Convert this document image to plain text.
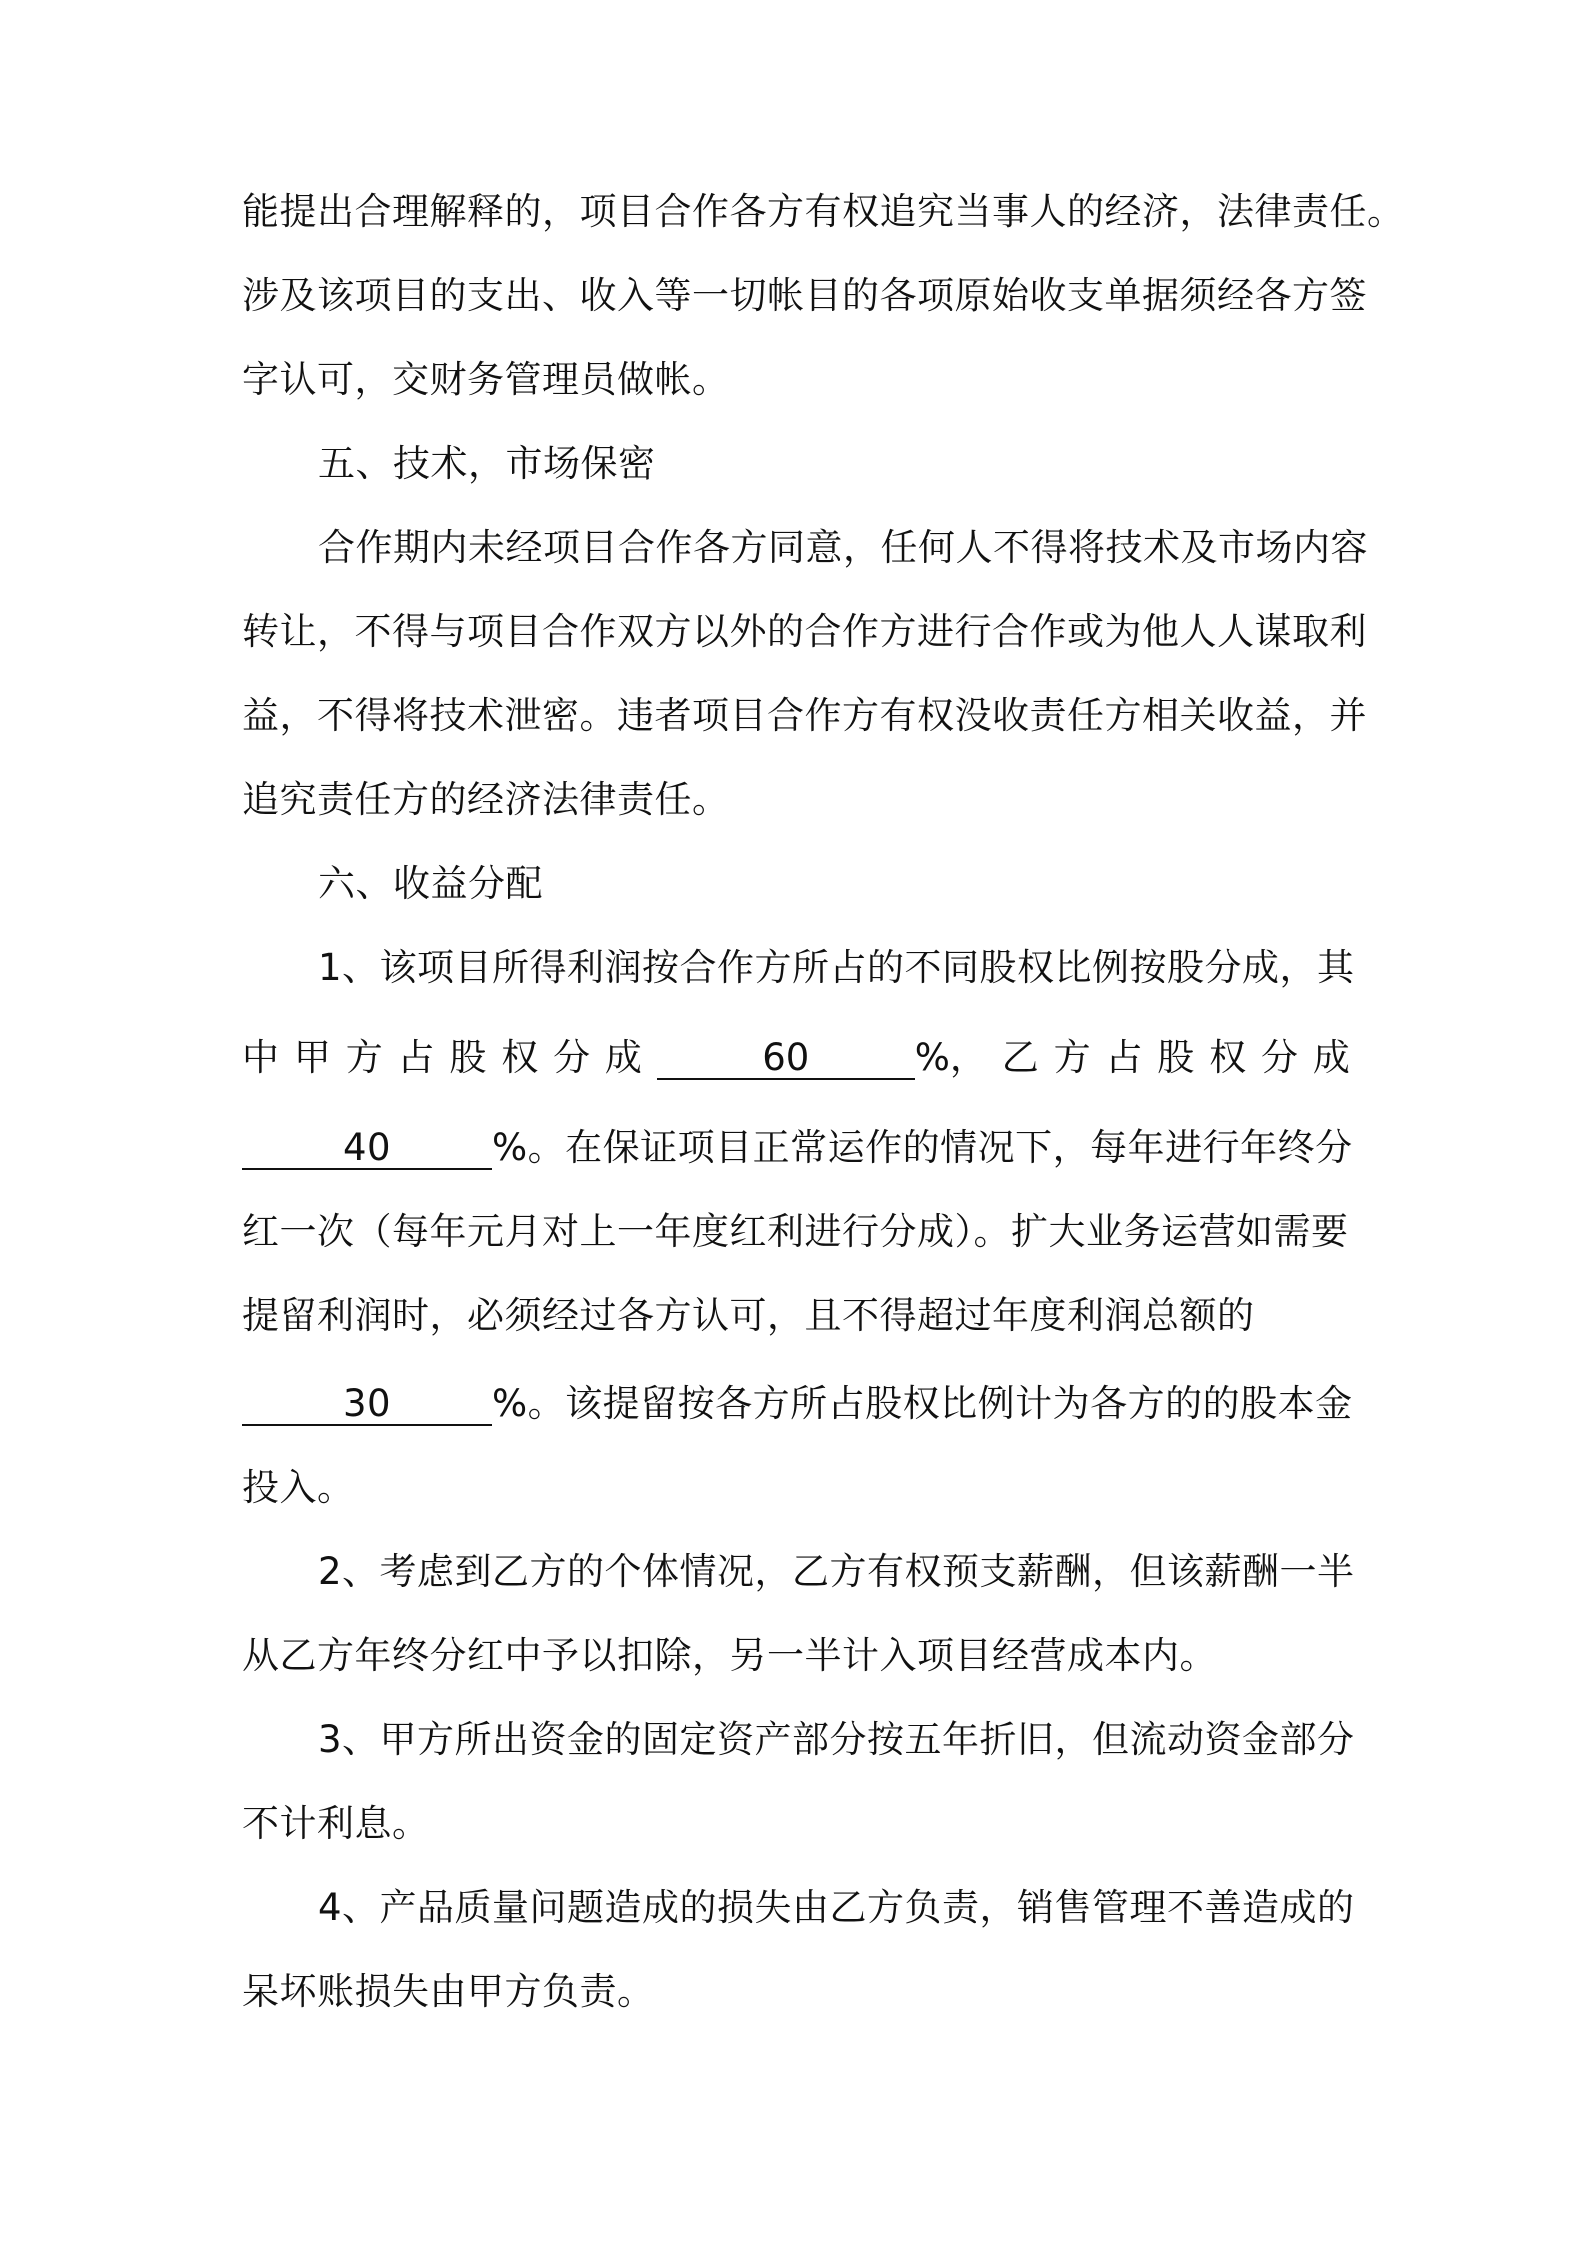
能提出合理解释的，项目合作各方有权追究当事人的经济，法律责任。
涉及该项目的支出、收入等一切帐目的各项原始收支单据须经各方签
字认可，交财务管理员做帐。
五、技术，市场保密
合作期内未经项目合作各方同意，任何人不得将技术及市场内容
转让，不得与项目合作双方以外的合作方进行合作或为他人人谋取利
益，不得将技术泄密。违者项目合作方有权没收责任方相关收益，并
追究责任方的经济法律责任。
六、收益分配
1、该项目所得利润按合作方所占的不同股权比例按股分成，其
中 甲 方 占 股 权 分 成	60	%， 乙 方 占 股 权 分 成
40	%。在保证项目正常运作的情况下，每年进行年终分
红一次（每年元月对上一年度红利进行分成）。扩大业务运营如需要
提留利润时，必须经过各方认可，且不得超过年度利润总额的
30	%。该提留按各方所占股权比例计为各方的的股本金
投入。
2、考虑到乙方的个体情况，乙方有权预支薪酬，但该薪酬一半
从乙方年终分红中予以扣除，另一半计入项目经营成本内。
3、甲方所出资金的固定资产部分按五年折旧，但流动资金部分
不计利息。
4、产品质量问题造成的损失由乙方负责，销售管理不善造成的
呆坏账损失由甲方负责。
